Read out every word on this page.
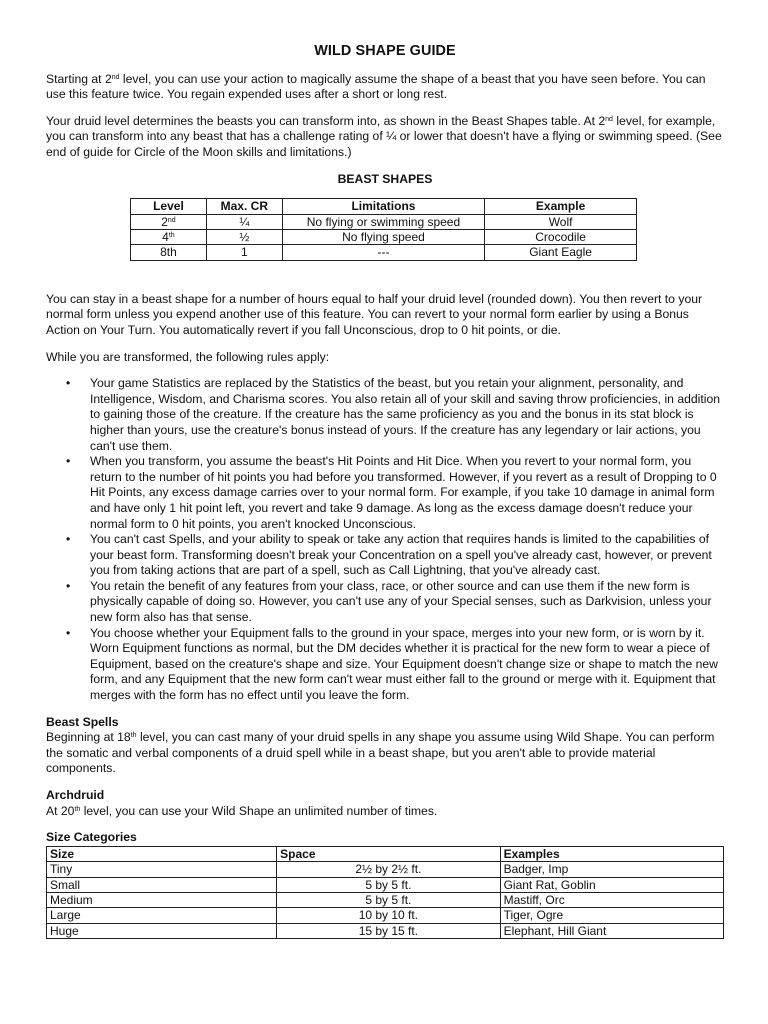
WILD SHAPE GUIDE

Starting at 2nd level, you can use your action to magically assume the shape of a beast that you have seen before. You can use this feature twice. You regain expended uses after a short or long rest.

Your druid level determines the beasts you can transform into, as shown in the Beast Shapes table. At 2nd level, for example, you can transform into any beast that has a challenge rating of ¼ or lower that doesn't have a flying or swimming speed. (See end of guide for Circle of the Moon skills and limitations.)

BEAST SHAPES
Level	Max. CR	Limitations	Example
2nd	¼	No flying or swimming speed	Wolf
4th	½	No flying speed	Crocodile
8th	1	---	Giant Eagle

You can stay in a beast shape for a number of hours equal to half your druid level (rounded down). You then revert to your normal form unless you expend another use of this feature. You can revert to your normal form earlier by using a Bonus Action on Your Turn. You automatically revert if you fall Unconscious, drop to 0 hit points, or die.

While you are transformed, the following rules apply:

• Your game Statistics are replaced by the Statistics of the beast, but you retain your alignment, personality, and Intelligence, Wisdom, and Charisma scores. You also retain all of your skill and saving throw proficiencies, in addition to gaining those of the creature. If the creature has the same proficiency as you and the bonus in its stat block is higher than yours, use the creature's bonus instead of yours. If the creature has any legendary or lair actions, you can't use them.
• When you transform, you assume the beast's Hit Points and Hit Dice. When you revert to your normal form, you return to the number of hit points you had before you transformed. However, if you revert as a result of Dropping to 0 Hit Points, any excess damage carries over to your normal form. For example, if you take 10 damage in animal form and have only 1 hit point left, you revert and take 9 damage. As long as the excess damage doesn't reduce your normal form to 0 hit points, you aren't knocked Unconscious.
• You can't cast Spells, and your ability to speak or take any action that requires hands is limited to the capabilities of your beast form. Transforming doesn't break your Concentration on a spell you've already cast, however, or prevent you from taking actions that are part of a spell, such as Call Lightning, that you've already cast.
• You retain the benefit of any features from your class, race, or other source and can use them if the new form is physically capable of doing so. However, you can't use any of your Special senses, such as Darkvision, unless your new form also has that sense.
• You choose whether your Equipment falls to the ground in your space, merges into your new form, or is worn by it. Worn Equipment functions as normal, but the DM decides whether it is practical for the new form to wear a piece of Equipment, based on the creature's shape and size. Your Equipment doesn't change size or shape to match the new form, and any Equipment that the new form can't wear must either fall to the ground or merge with it. Equipment that merges with the form has no effect until you leave the form.
Beast Spells

Beginning at 18th level, you can cast many of your druid spells in any shape you assume using Wild Shape. You can perform the somatic and verbal components of a druid spell while in a beast shape, but you aren't able to provide material components.

Archdruid

At 20th level, you can use your Wild Shape an unlimited number of times.

Size Categories
Size	Space	Examples
Tiny	2½ by 2½ ft.	Badger, Imp
Small	5 by 5 ft.	Giant Rat, Goblin
Medium	5 by 5 ft.	Mastiff, Orc
Large	10 by 10 ft.	Tiger, Ogre
Huge	15 by 15 ft.	Elephant, Hill Giant
